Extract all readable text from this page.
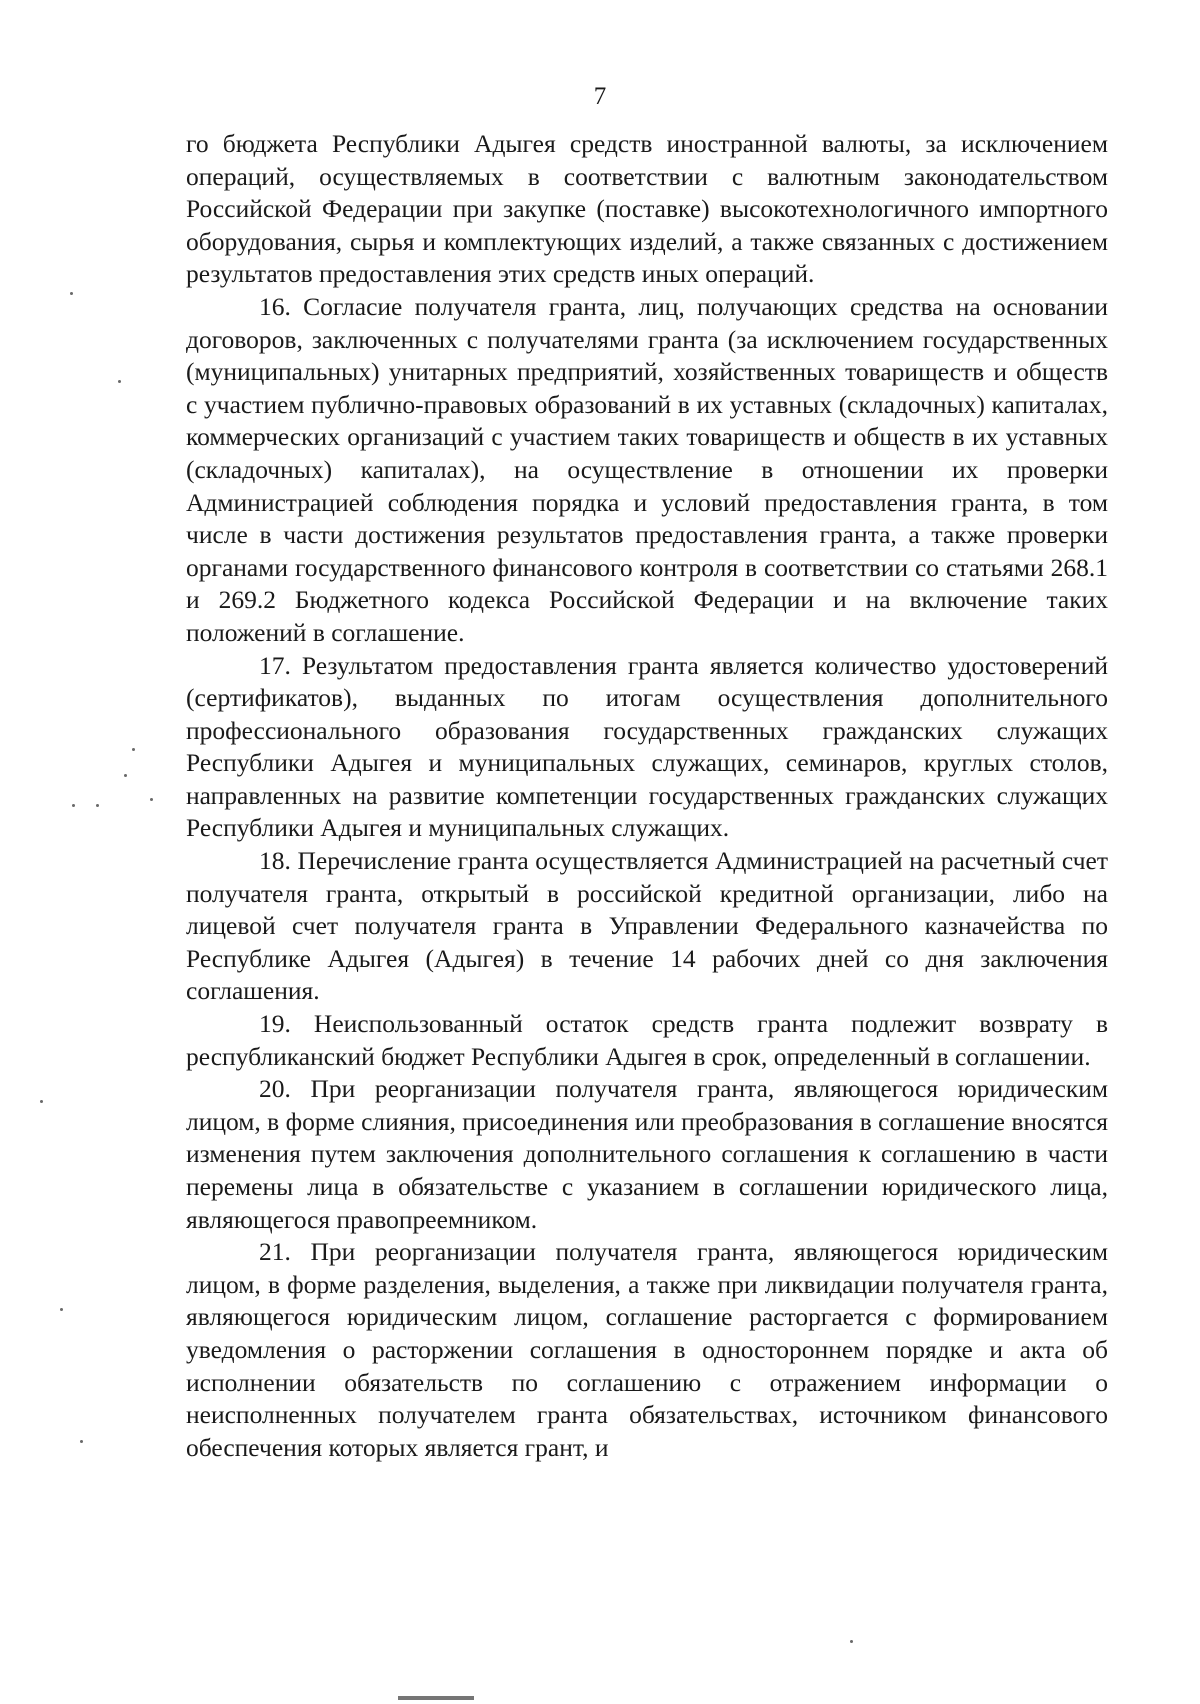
7

го бюджета Республики Адыгея средств иностранной валюты, за исключением операций, осуществляемых в соответствии с валютным законодательством Российской Федерации при закупке (поставке) высокотехнологичного импортного оборудования, сырья и комплектующих изделий, а также связанных с достижением результатов предоставления этих средств иных операций.

16. Согласие получателя гранта, лиц, получающих средства на основании договоров, заключенных с получателями гранта (за исключением государственных (муниципальных) унитарных предприятий, хозяйственных товариществ и обществ с участием публично-правовых образований в их уставных (складочных) капиталах, коммерческих организаций с участием таких товариществ и обществ в их уставных (складочных) капиталах), на осуществление в отношении их проверки Администрацией соблюдения порядка и условий предоставления гранта, в том числе в части достижения результатов предоставления гранта, а также проверки органами государственного финансового контроля в соответствии со статьями 268.1 и 269.2 Бюджетного кодекса Российской Федерации и на включение таких положений в соглашение.

17. Результатом предоставления гранта является количество удостоверений (сертификатов), выданных по итогам осуществления дополнительного профессионального образования государственных гражданских служащих Республики Адыгея и муниципальных служащих, семинаров, круглых столов, направленных на развитие компетенции государственных гражданских служащих Республики Адыгея и муниципальных служащих.

18. Перечисление гранта осуществляется Администрацией на расчетный счет получателя гранта, открытый в российской кредитной организации, либо на лицевой счет получателя гранта в Управлении Федерального казначейства по Республике Адыгея (Адыгея) в течение 14 рабочих дней со дня заключения соглашения.

19. Неиспользованный остаток средств гранта подлежит возврату в республиканский бюджет Республики Адыгея в срок, определенный в соглашении.

20. При реорганизации получателя гранта, являющегося юридическим лицом, в форме слияния, присоединения или преобразования в соглашение вносятся изменения путем заключения дополнительного соглашения к соглашению в части перемены лица в обязательстве с указанием в соглашении юридического лица, являющегося правопреемником.

21. При реорганизации получателя гранта, являющегося юридическим лицом, в форме разделения, выделения, а также при ликвидации получателя гранта, являющегося юридическим лицом, соглашение расторгается с формированием уведомления о расторжении соглашения в одностороннем порядке и акта об исполнении обязательств по соглашению с отражением информации о неисполненных получателем гранта обязательствах, источником финансового обеспечения которых является грант, и
